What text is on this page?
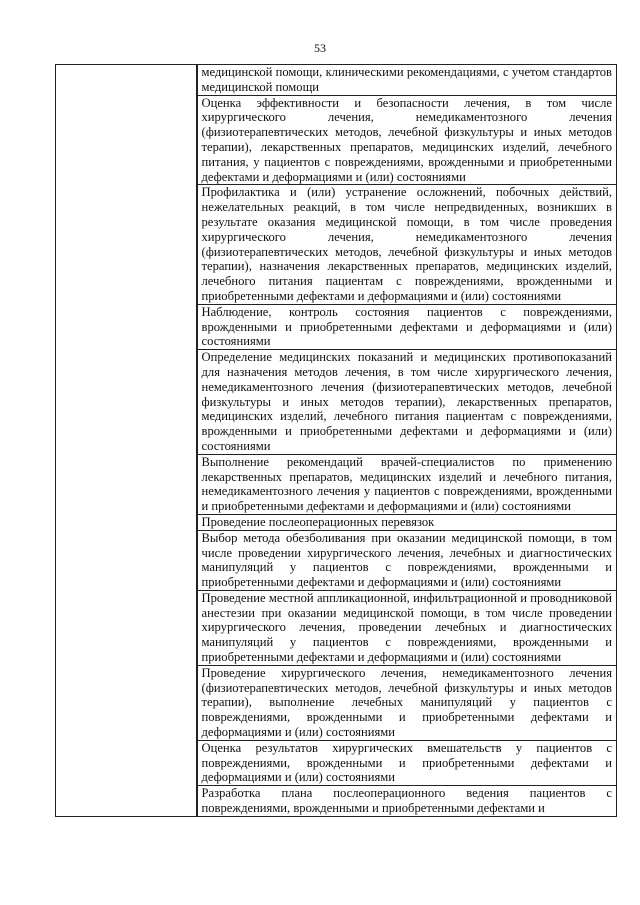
53

медицинской помощи, клиническими рекомендациями, с учетом стандартов медицинской помощи

Оценка эффективности и безопасности лечения, в том числе хирургического лечения, немедикаментозного лечения (физиотерапевтических методов, лечебной физкультуры и иных методов терапии), лекарственных препаратов, медицинских изделий, лечебного питания, у пациентов с повреждениями, врожденными и приобретенными дефектами и деформациями и (или) состояниями

Профилактика и (или) устранение осложнений, побочных действий, нежелательных реакций, в том числе непредвиденных, возникших в результате оказания медицинской помощи, в том числе проведения хирургического лечения, немедикаментозного лечения (физиотерапевтических методов, лечебной физкультуры и иных методов терапии), назначения лекарственных препаратов, медицинских изделий, лечебного питания пациентам с повреждениями, врожденными и приобретенными дефектами и деформациями и (или) состояниями

Наблюдение, контроль состояния пациентов с повреждениями, врожденными и приобретенными дефектами и деформациями и (или) состояниями

Определение медицинских показаний и медицинских противопоказаний для назначения методов лечения, в том числе хирургического лечения, немедикаментозного лечения (физиотерапевтических методов, лечебной физкультуры и иных методов терапии), лекарственных препаратов, медицинских изделий, лечебного питания пациентам с повреждениями, врожденными и приобретенными дефектами и деформациями и (или) состояниями

Выполнение рекомендаций врачей-специалистов по применению лекарственных препаратов, медицинских изделий и лечебного питания, немедикаментозного лечения у пациентов с повреждениями, врожденными и приобретенными дефектами и деформациями и (или) состояниями

Проведение послеоперационных перевязок

Выбор метода обезболивания при оказании медицинской помощи, в том числе проведении хирургического лечения, лечебных и диагностических манипуляций у пациентов с повреждениями, врожденными и приобретенными дефектами и деформациями и (или) состояниями

Проведение местной аппликационной, инфильтрационной и проводниковой анестезии при оказании медицинской помощи, в том числе проведении хирургического лечения, проведении лечебных и диагностических манипуляций у пациентов с повреждениями, врожденными и приобретенными дефектами и деформациями и (или) состояниями

Проведение хирургического лечения, немедикаментозного лечения (физиотерапевтических методов, лечебной физкультуры и иных методов терапии), выполнение лечебных манипуляций у пациентов с повреждениями, врожденными и приобретенными дефектами и деформациями и (или) состояниями

Оценка результатов хирургических вмешательств у пациентов с повреждениями, врожденными и приобретенными дефектами и деформациями и (или) состояниями

Разработка плана послеоперационного ведения пациентов с повреждениями, врожденными и приобретенными дефектами и
